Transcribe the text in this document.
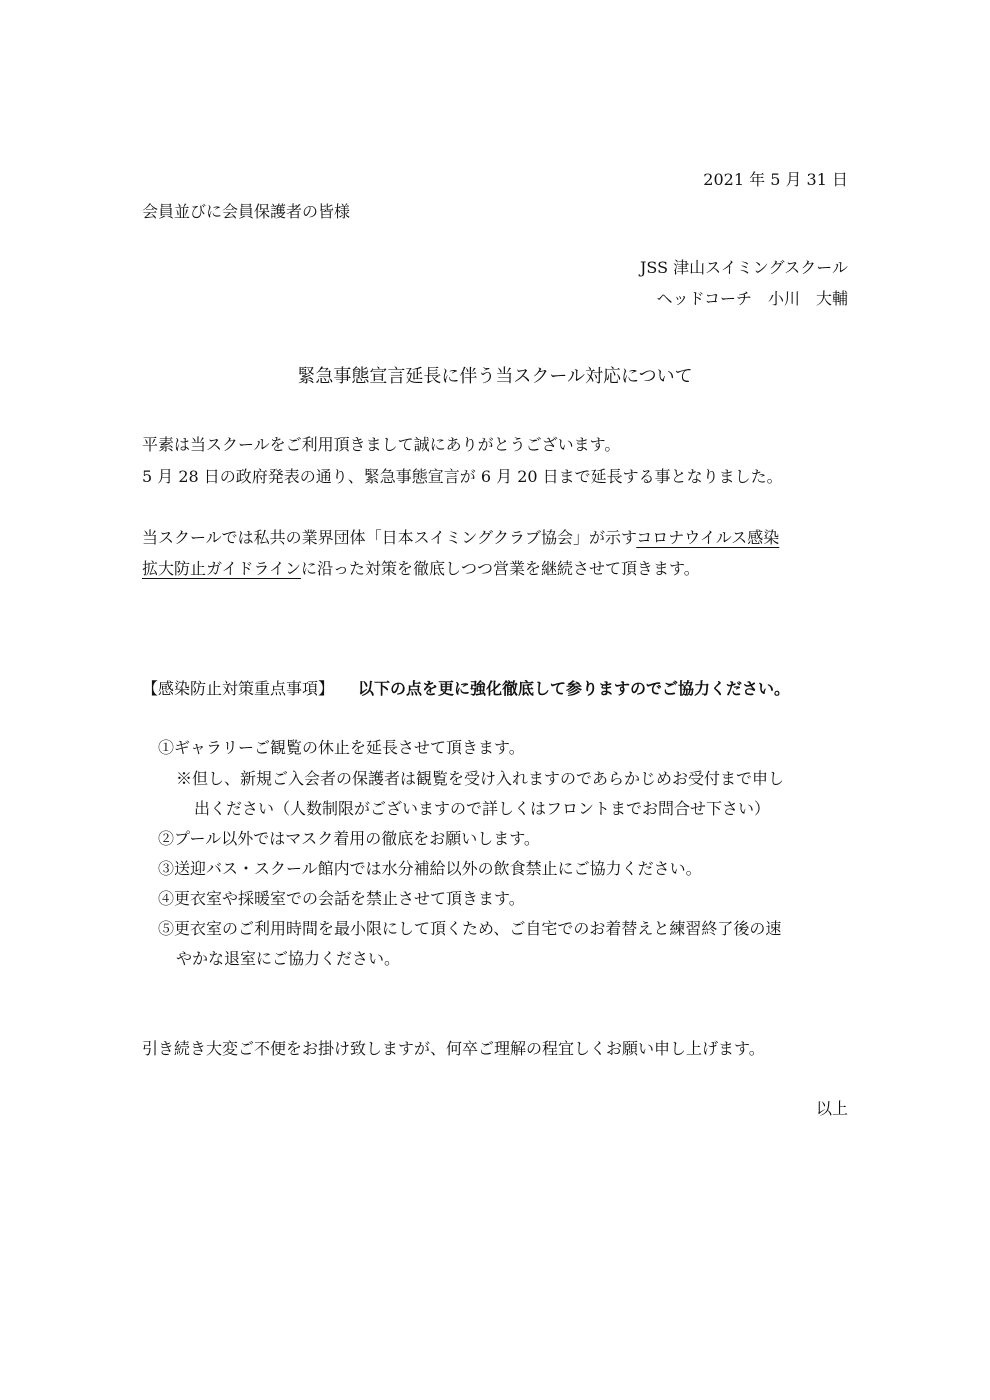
2021 年 5 月 31 日
会員並びに会員保護者の皆様
JSS 津山スイミングスクール
ヘッドコーチ　小川　大輔
緊急事態宣言延長に伴う当スクール対応について
平素は当スクールをご利用頂きまして誠にありがとうございます。
5 月 28 日の政府発表の通り、緊急事態宣言が 6 月 20 日まで延長する事となりました。
当スクールでは私共の業界団体「日本スイミングクラブ協会」が示すコロナウイルス感染
拡大防止ガイドラインに沿った対策を徹底しつつ営業を継続させて頂きます。
【感染防止対策重点事項】 以下の点を更に強化徹底して参りますのでご協力ください。
①ギャラリーご観覧の休止を延長させて頂きます。
※但し、新規ご入会者の保護者は観覧を受け入れますのであらかじめお受付まで申し
出ください（人数制限がございますので詳しくはフロントまでお問合せ下さい）
②プール以外ではマスク着用の徹底をお願いします。
③送迎バス・スクール館内では水分補給以外の飲食禁止にご協力ください。
④更衣室や採暖室での会話を禁止させて頂きます。
⑤更衣室のご利用時間を最小限にして頂くため、ご自宅でのお着替えと練習終了後の速
やかな退室にご協力ください。
引き続き大変ご不便をお掛け致しますが、何卒ご理解の程宜しくお願い申し上げます。
以上
